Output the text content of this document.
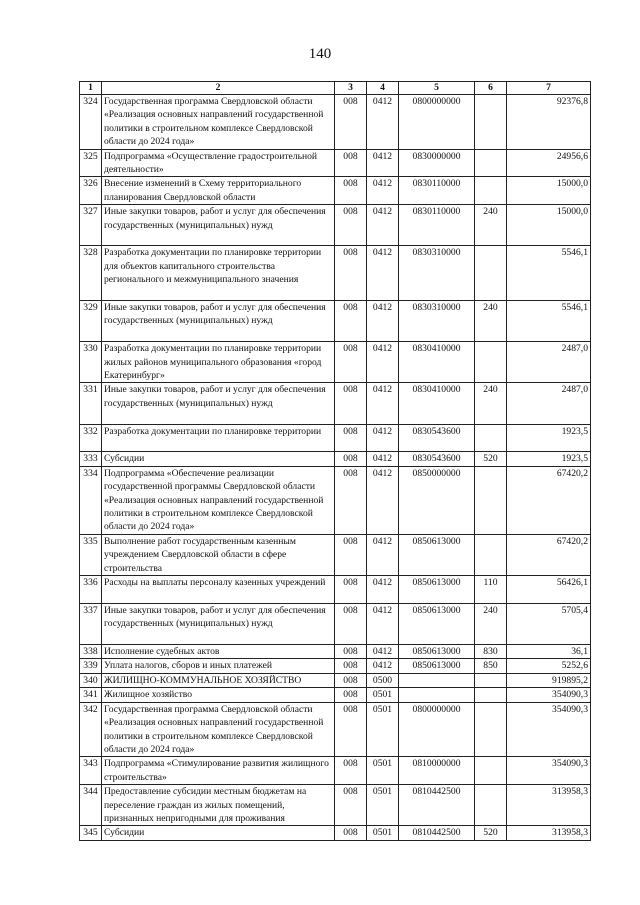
140
1	2	3	4	5	6	7
324	Государственная программа Свердловской области «Реализация основных направлений государственной политики в строительном комплексе Свердловской области до 2024 года»	008	0412	0800000000		92376,8
325	Подпрограмма «Осуществление градостроительной деятельности»	008	0412	0830000000		24956,6
326	Внесение изменений в Схему территориального планирования Свердловской области	008	0412	0830110000		15000,0
327	Иные закупки товаров, работ и услуг для обеспечения государственных (муниципальных) нужд	008	0412	0830110000	240	15000,0
328	Разработка документации по планировке территории для объектов капитального строительства регионального и межмуниципального значения	008	0412	0830310000		5546,1
329	Иные закупки товаров, работ и услуг для обеспечения государственных (муниципальных) нужд	008	0412	0830310000	240	5546,1
330	Разработка документации по планировке территории жилых районов муниципального образования «город Екатеринбург»	008	0412	0830410000		2487,0
331	Иные закупки товаров, работ и услуг для обеспечения государственных (муниципальных) нужд	008	0412	0830410000	240	2487,0
332	Разработка документации по планировке территории	008	0412	0830543600		1923,5
333	Субсидии	008	0412	0830543600	520	1923,5
334	Подпрограмма «Обеспечение реализации государственной программы Свердловской области «Реализация основных направлений государственной политики в строительном комплексе Свердловской области до 2024 года»	008	0412	0850000000		67420,2
335	Выполнение работ государственным казенным учреждением Свердловской области в сфере строительства	008	0412	0850613000		67420,2
336	Расходы на выплаты персоналу казенных учреждений	008	0412	0850613000	110	56426,1
337	Иные закупки товаров, работ и услуг для обеспечения государственных (муниципальных) нужд	008	0412	0850613000	240	5705,4
338	Исполнение судебных актов	008	0412	0850613000	830	36,1
339	Уплата налогов, сборов и иных платежей	008	0412	0850613000	850	5252,6
340	ЖИЛИЩНО-КОММУНАЛЬНОЕ ХОЗЯЙСТВО	008	0500			919895,2
341	Жилищное хозяйство	008	0501			354090,3
342	Государственная программа Свердловской области «Реализация основных направлений государственной политики в строительном комплексе Свердловской области до 2024 года»	008	0501	0800000000		354090,3
343	Подпрограмма «Стимулирование развития жилищного строительства»	008	0501	0810000000		354090,3
344	Предоставление субсидии местным бюджетам на переселение граждан из жилых помещений, признанных непригодными для проживания	008	0501	0810442500		313958,3
345	Субсидии	008	0501	0810442500	520	313958,3
